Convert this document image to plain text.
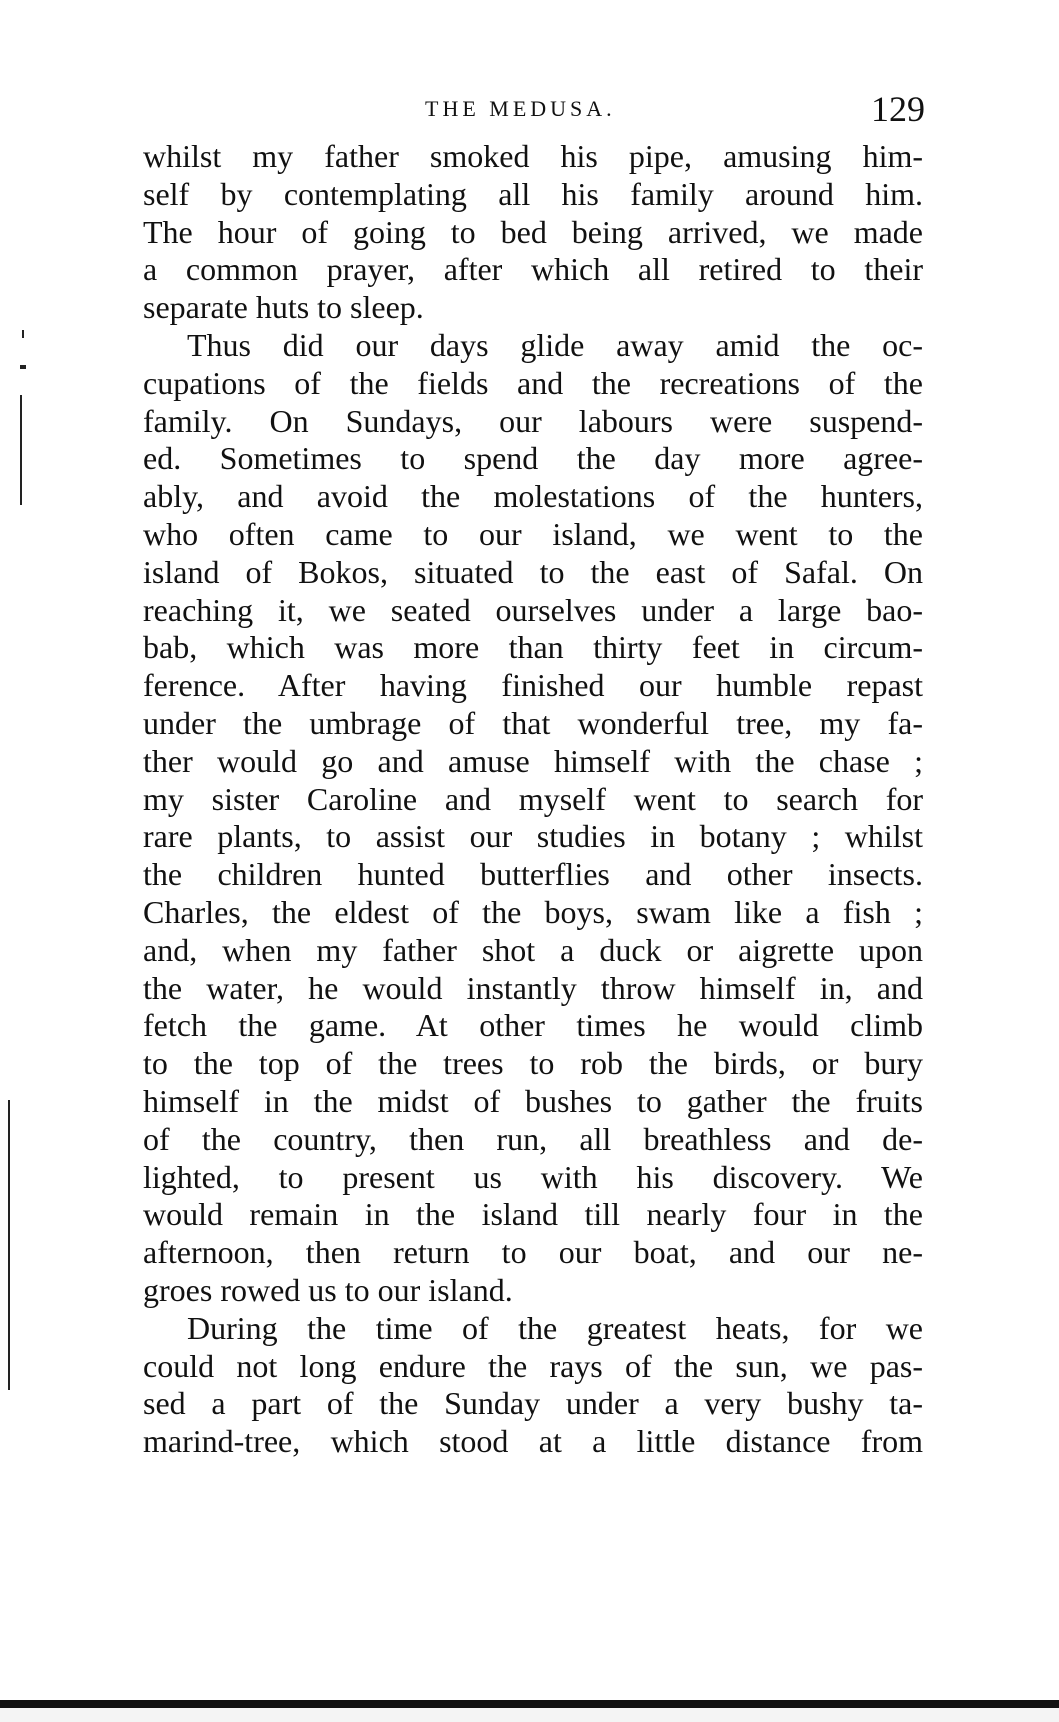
THE MEDUSA.	129
whilst my father smoked his pipe, amusing him-
self by contemplating all his family around him.
The hour of going to bed being arrived, we made
a common prayer, after which all retired to their
separate huts to sleep.
Thus did our days glide away amid the oc-
cupations of the fields and the recreations of the
family. On Sundays, our labours were suspend-
ed. Sometimes to spend the day more agree-
ably, and avoid the molestations of the hunters,
who often came to our island, we went to the
island of Bokos, situated to the east of Safal. On
reaching it, we seated ourselves under a large bao-
bab, which was more than thirty feet in circum-
ference. After having finished our humble repast
under the umbrage of that wonderful tree, my fa-
ther would go and amuse himself with the chase ;
my sister Caroline and myself went to search for
rare plants, to assist our studies in botany ; whilst
the children hunted butterflies and other insects.
Charles, the eldest of the boys, swam like a fish ;
and, when my father shot a duck or aigrette upon
the water, he would instantly throw himself in, and
fetch the game. At other times he would climb
to the top of the trees to rob the birds, or bury
himself in the midst of bushes to gather the fruits
of the country, then run, all breathless and de-
lighted, to present us with his discovery. We
would remain in the island till nearly four in the
afternoon, then return to our boat, and our ne-
groes rowed us to our island.
During the time of the greatest heats, for we
could not long endure the rays of the sun, we pas-
sed a part of the Sunday under a very bushy ta-
marind-tree, which stood at a little distance from
